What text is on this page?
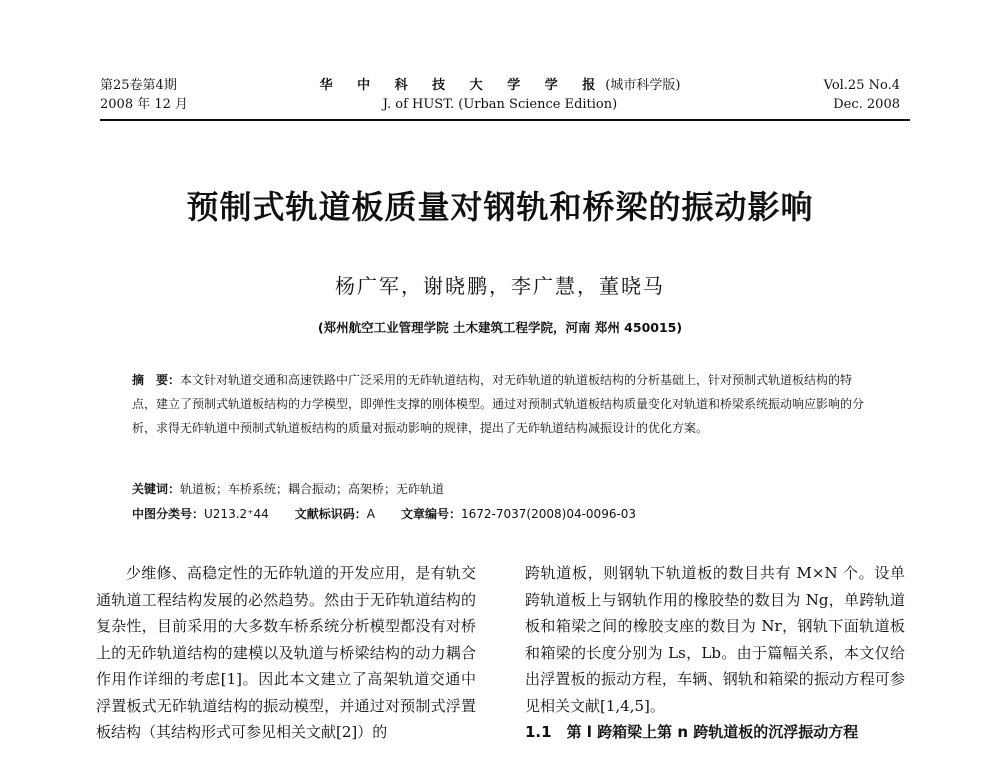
第25卷第4期
2008 年 12 月
华 中 科 技 大 学 学 报(城市科学版)
J. of HUST. (Urban Science Edition)
Vol.25 No.4
Dec. 2008
预制式轨道板质量对钢轨和桥梁的振动影响
杨广军，谢晓鹏，李广慧，董晓马
(郑州航空工业管理学院 土木建筑工程学院，河南 郑州 450015)
摘　要：本文针对轨道交通和高速铁路中广泛采用的无砟轨道结构，对无砟轨道的轨道板结构的分析基础上，针对预制式轨道板结构的特点，建立了预制式轨道板结构的力学模型，即弹性支撑的刚体模型。通过对预制式轨道板结构质量变化对轨道和桥梁系统振动响应影响的分析，求得无砟轨道中预制式轨道板结构的质量对振动影响的规律，提出了无砟轨道结构减振设计的优化方案。
关键词：轨道板；车桥系统；耦合振动；高架桥；无砟轨道
中图分类号：U213.2⁺44 文献标识码：A 文章编号：1672-7037(2008)04-0096-03

少维修、高稳定性的无砟轨道的开发应用，是有轨交通轨道工程结构发展的必然趋势。然由于无砟轨道结构的复杂性，目前采用的大多数车桥系统分析模型都没有对桥上的无砟轨道结构的建模以及轨道与桥梁结构的动力耦合作用作详细的考虑[1]。因此本文建立了高架轨道交通中浮置板式无砟轨道结构的振动模型，并通过对预制式浮置板结构（其结构形式可参见相关文献[2]）的

跨轨道板，则钢轨下轨道板的数目共有 M×N 个。设单跨轨道板上与钢轨作用的橡胶垫的数目为 Ng，单跨轨道板和箱梁之间的橡胶支座的数目为 Nr，钢轨下面轨道板和箱梁的长度分别为 Ls，Lb。由于篇幅关系，本文仅给出浮置板的振动方程，车辆、钢轨和箱梁的振动方程可参见相关文献[1,4,5]。

1.1　第 l 跨箱梁上第 n 跨轨道板的沉浮振动方程
